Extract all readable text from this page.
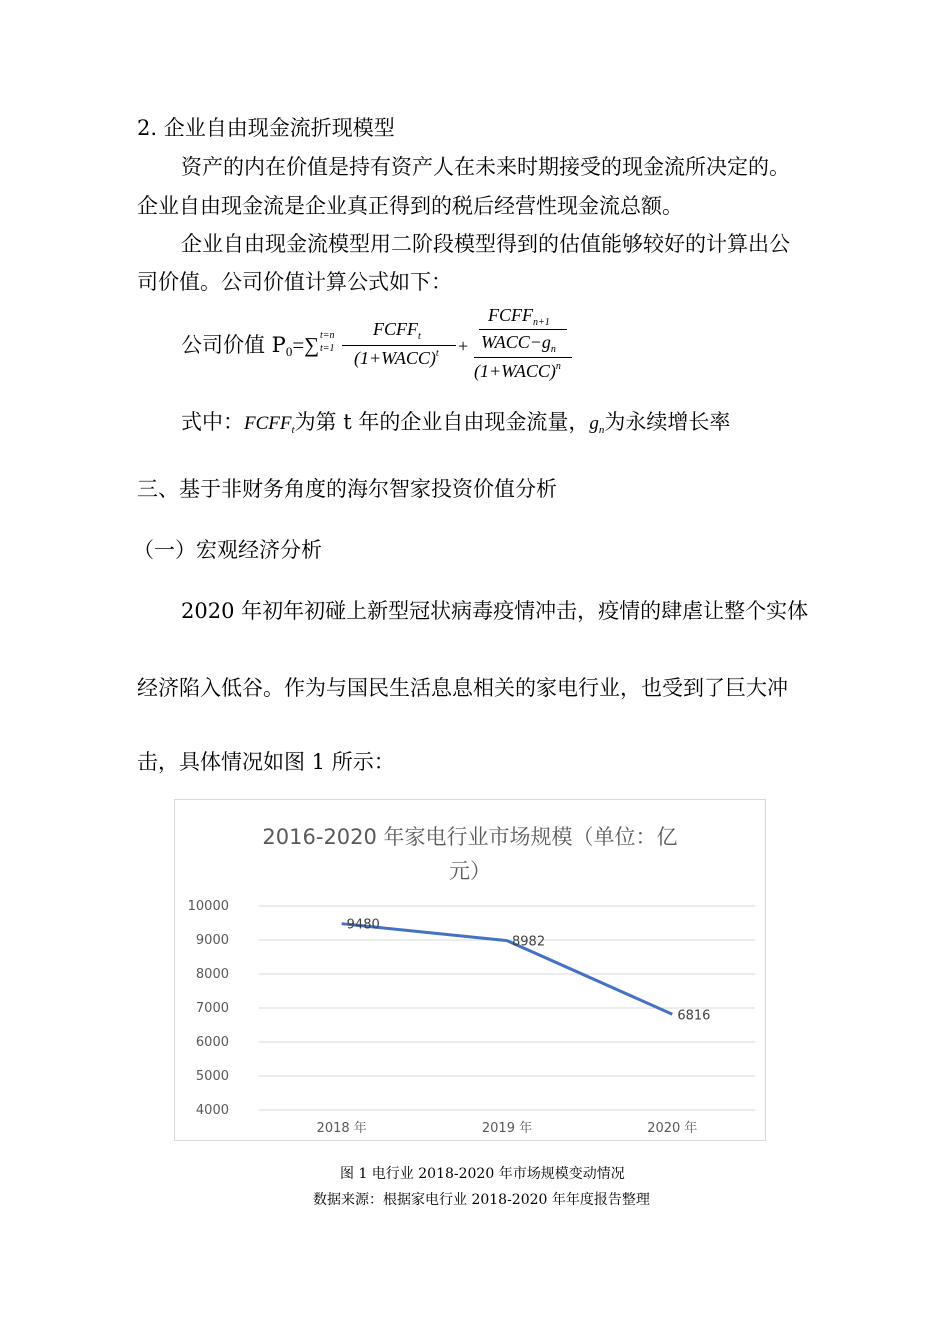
2. 企业自由现金流折现模型
资产的内在价值是持有资产人在未来时期接受的现金流所决定的。
企业自由现金流是企业真正得到的税后经营性现金流总额。
企业自由现金流模型用二阶段模型得到的估值能够较好的计算出公
司价值。公司价值计算公式如下：
公司价值 P0=∑ t=n
t=1
$FCFF_t$
(1+WACC)$^t$ +
$FCFF_{n+1}$
$WACC-g_n$
(1+WACC)$^n$
式中：FCFFt为第 t 年的企业自由现金流量，gn为永续增长率
三、基于非财务角度的海尔智家投资价值分析
（一）宏观经济分析
2020 年初年初碰上新型冠状病毒疫情冲击，疫情的肆虐让整个实体
经济陷入低谷。作为与国民生活息息相关的家电行业，也受到了巨大冲
击，具体情况如图 1 所示：
2016-2020 年家电行业市场规模（单位：亿
元）
10000
9000
8000
7000
6000
5000
4000
2018 年	2019 年	2020 年
9480
8982
6816
图 1 电行业 2018-2020 年市场规模变动情况
数据来源：根据家电行业 2018-2020 年年度报告整理
